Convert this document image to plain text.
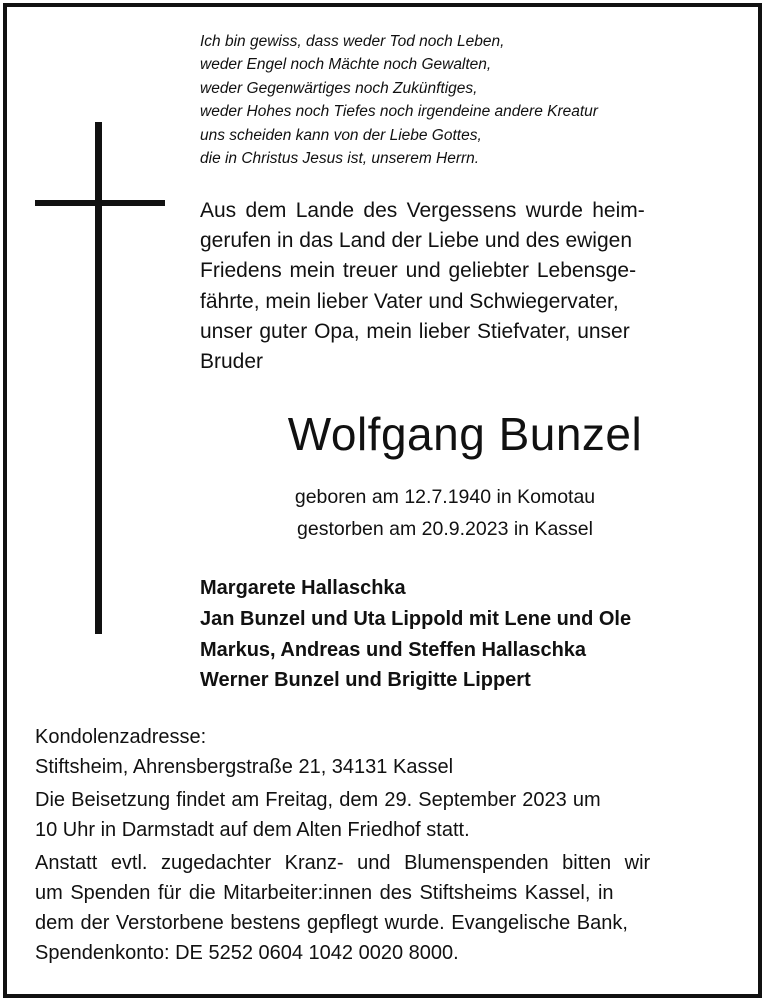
Ich bin gewiss, dass weder Tod noch Leben,
weder Engel noch Mächte noch Gewalten,
weder Gegenwärtiges noch Zukünftiges,
weder Hohes noch Tiefes noch irgendeine andere Kreatur
uns scheiden kann von der Liebe Gottes,
die in Christus Jesus ist, unserem Herrn.
Aus dem Lande des Vergessens wurde heim-
gerufen in das Land der Liebe und des ewigen
Friedens mein treuer und geliebter Lebensge-
fährte, mein lieber Vater und Schwiegervater,
unser guter Opa, mein lieber Stiefvater, unser
Bruder
Wolfgang Bunzel
geboren am 12.7.1940 in Komotau
gestorben am 20.9.2023 in Kassel
Margarete Hallaschka
Jan Bunzel und Uta Lippold mit Lene und Ole
Markus, Andreas und Steffen Hallaschka
Werner Bunzel und Brigitte Lippert
Kondolenzadresse:
Stiftsheim, Ahrensbergstraße 21, 34131 Kassel
Die Beisetzung findet am Freitag, dem 29. September 2023 um
10 Uhr in Darmstadt auf dem Alten Friedhof statt.
Anstatt evtl. zugedachter Kranz- und Blumenspenden bitten wir
um Spenden für die Mitarbeiter:innen des Stiftsheims Kassel, in
dem der Verstorbene bestens gepflegt wurde. Evangelische Bank,
Spendenkonto: DE 5252 0604 1042 0020 8000.
